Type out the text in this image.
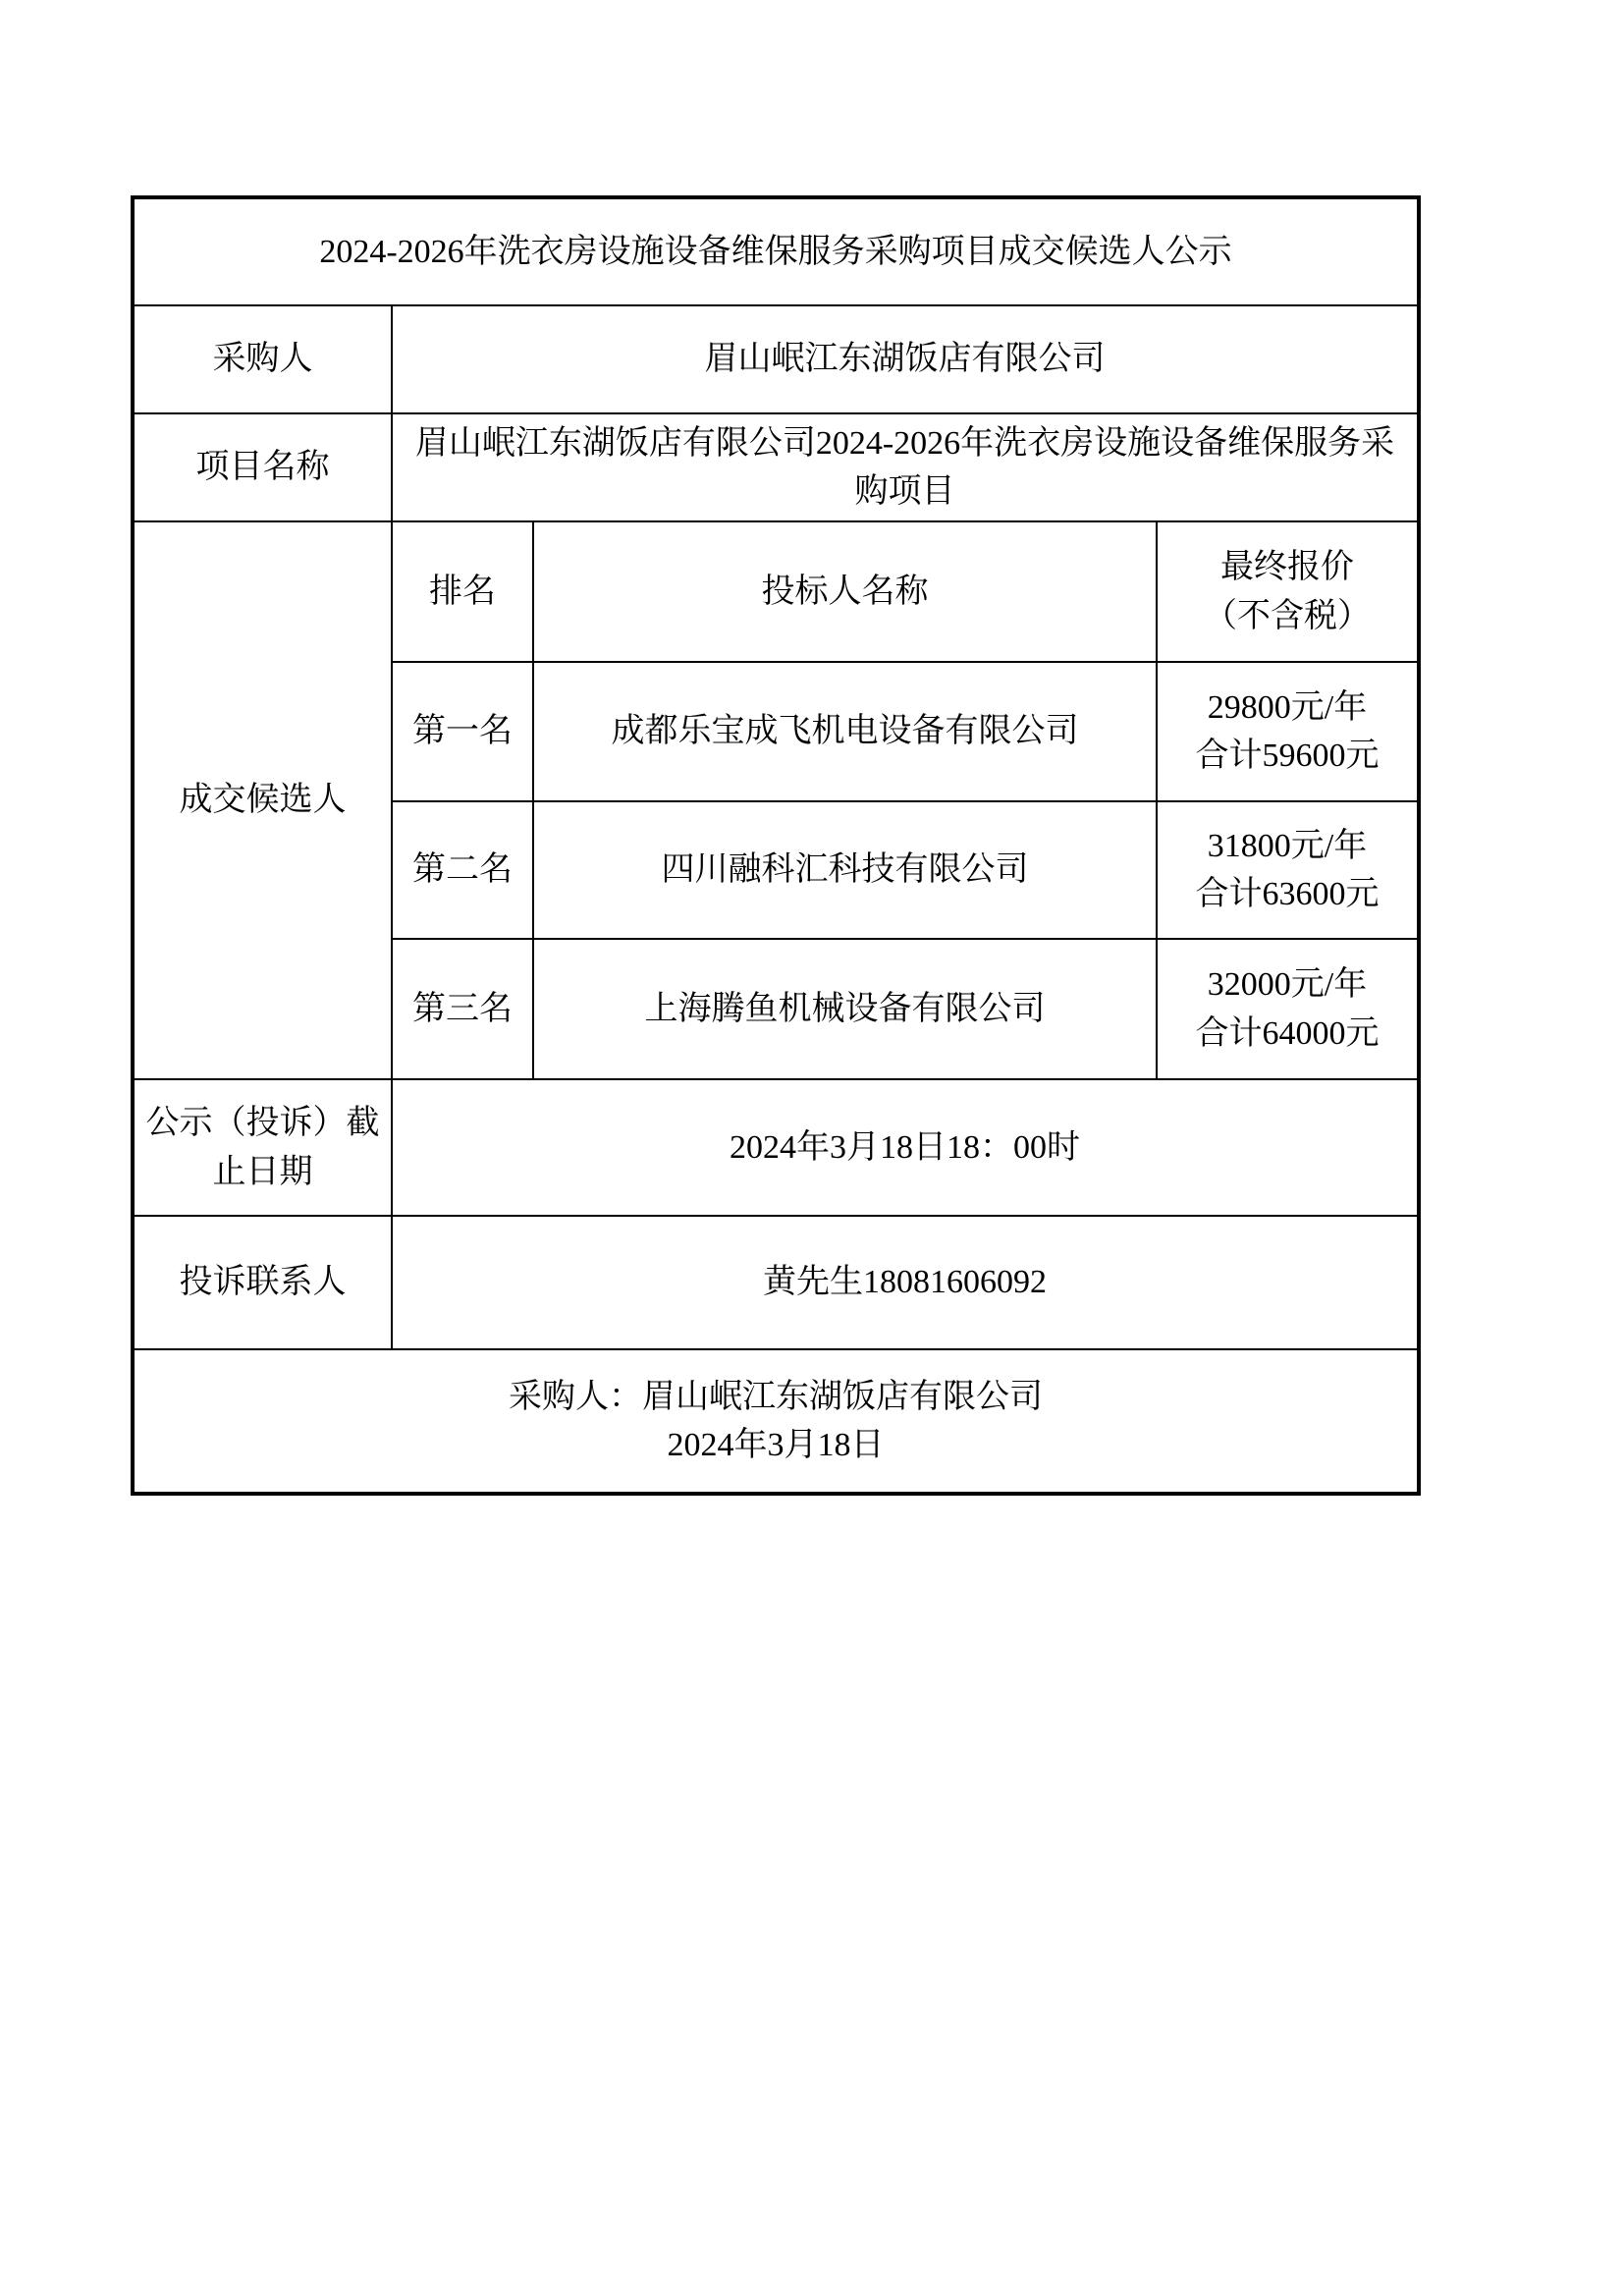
2024-2026年洗衣房设施设备维保服务采购项目成交候选人公示			
采购人	眉山岷江东湖饭店有限公司		
项目名称	眉山岷江东湖饭店有限公司2024-2026年洗衣房设施设备维保服务采购项目		
成交候选人	排名	投标人名称	最终报价
（不含税）

	第一名	成都乐宝成飞机电设备有限公司	29800元/年
合计59600元

	第二名	四川融科汇科技有限公司	31800元/年
合计63600元

	第三名	上海腾鱼机械设备有限公司	32000元/年
合计64000元

公示（投诉）截止日期	2024年3月18日18：00时		
投诉联系人	黄先生18081606092		

采购人：眉山岷江东湖饭店有限公司
2024年3月18日			
